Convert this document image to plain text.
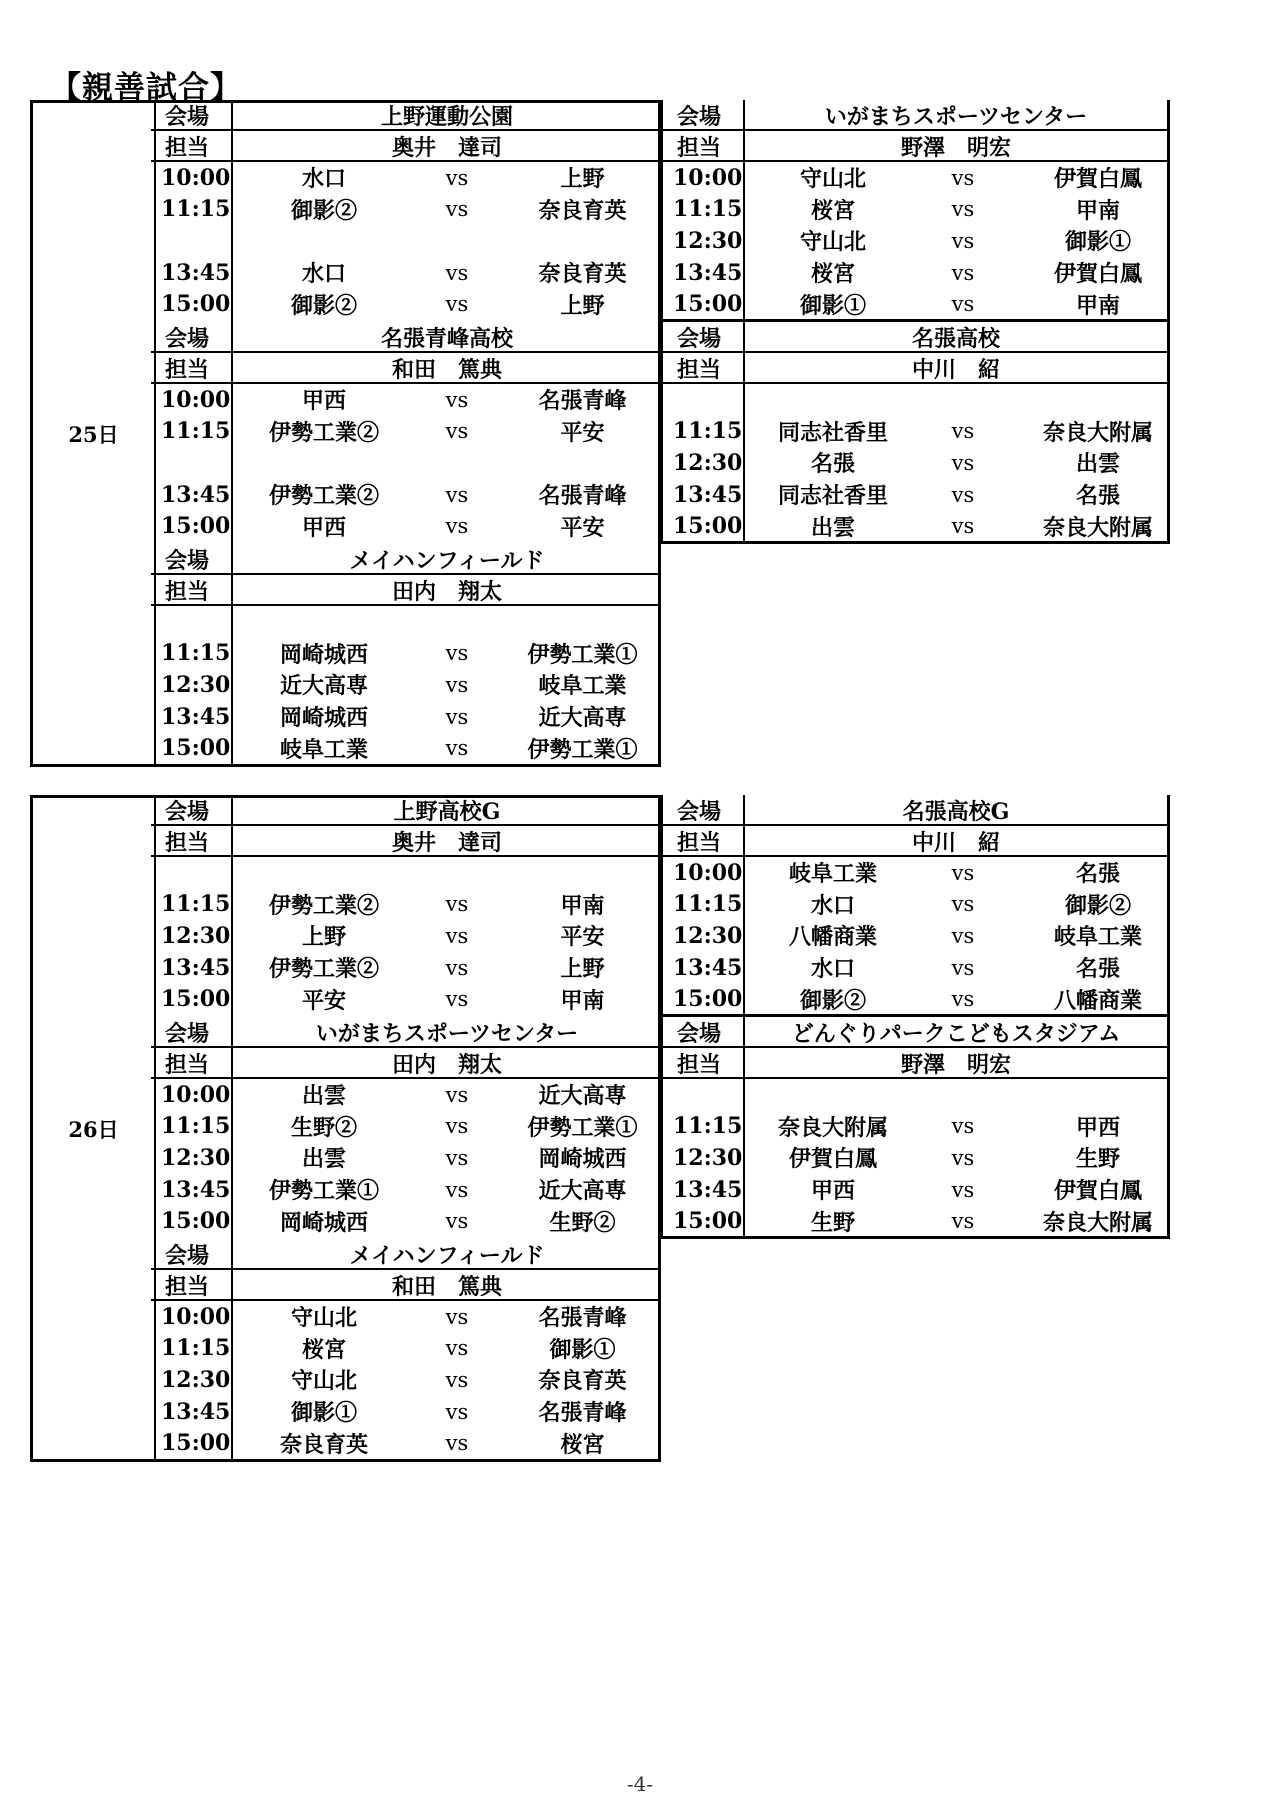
【親善試合】
25日
26日
会場	上野運動公園
担当	奥井　達司
10:00	水口	vs	上野
11:15	御影②	vs	奈良育英
13:45	水口	vs	奈良育英
15:00	御影②	vs	上野
会場	いがまちスポーツセンター
担当	野澤　明宏
10:00	守山北	vs	伊賀白鳳
11:15	桜宮	vs	甲南
12:30	守山北	vs	御影①
13:45	桜宮	vs	伊賀白鳳
15:00	御影①	vs	甲南
会場	名張青峰高校
担当	和田　篤典
10:00	甲西	vs	名張青峰
11:15	伊勢工業②	vs	平安
13:45	伊勢工業②	vs	名張青峰
15:00	甲西	vs	平安
会場	名張高校
担当	中川　紹
11:15	同志社香里	vs	奈良大附属
12:30	名張	vs	出雲
13:45	同志社香里	vs	名張
15:00	出雲	vs	奈良大附属
会場	メイハンフィールド
担当	田内　翔太
11:15	岡崎城西	vs	伊勢工業①
12:30	近大高専	vs	岐阜工業
13:45	岡崎城西	vs	近大高専
15:00	岐阜工業	vs	伊勢工業①
会場	上野高校G
担当	奥井　達司
11:15	伊勢工業②	vs	甲南
12:30	上野	vs	平安
13:45	伊勢工業②	vs	上野
15:00	平安	vs	甲南
会場	名張高校G
担当	中川　紹
10:00	岐阜工業	vs	名張
11:15	水口	vs	御影②
12:30	八幡商業	vs	岐阜工業
13:45	水口	vs	名張
15:00	御影②	vs	八幡商業
会場	いがまちスポーツセンター
担当	田内　翔太
10:00	出雲	vs	近大高専
11:15	生野②	vs	伊勢工業①
12:30	出雲	vs	岡崎城西
13:45	伊勢工業①	vs	近大高専
15:00	岡崎城西	vs	生野②
会場	どんぐりパークこどもスタジアム
担当	野澤　明宏
11:15	奈良大附属	vs	甲西
12:30	伊賀白鳳	vs	生野
13:45	甲西	vs	伊賀白鳳
15:00	生野	vs	奈良大附属
会場	メイハンフィールド
担当	和田　篤典
10:00	守山北	vs	名張青峰
11:15	桜宮	vs	御影①
12:30	守山北	vs	奈良育英
13:45	御影①	vs	名張青峰
15:00	奈良育英	vs	桜宮
-4-
